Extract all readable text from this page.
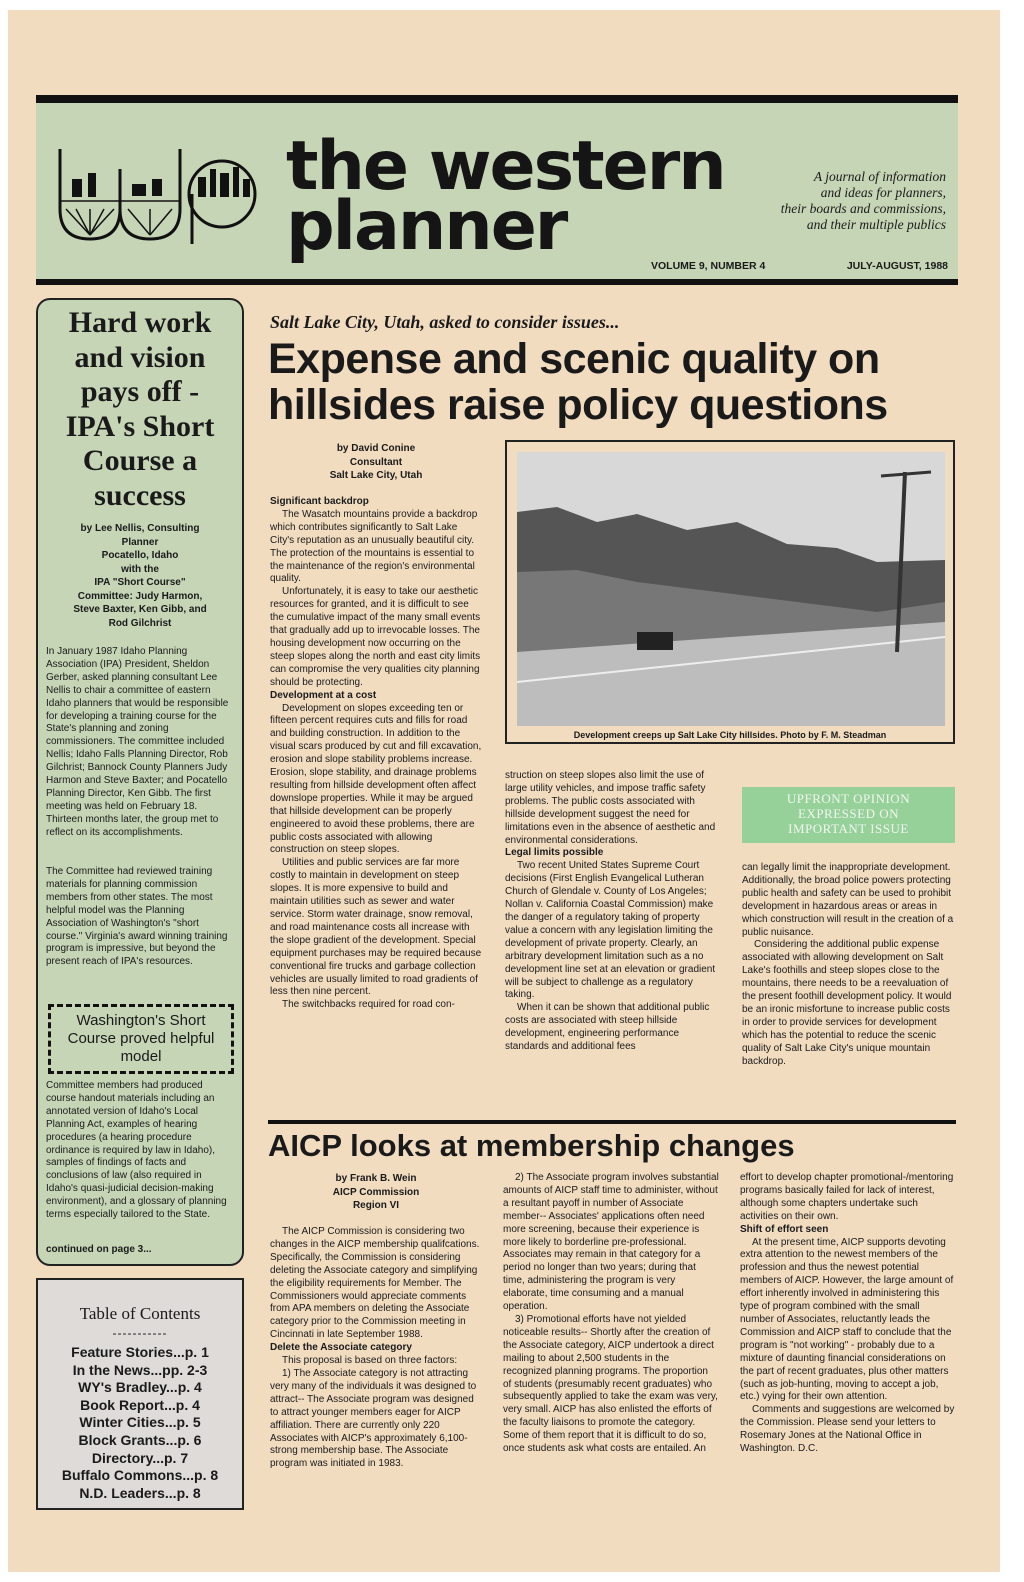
the western
planner
A journal of information
and ideas for planners,
their boards and commissions,
and their multiple publics
VOLUME 9, NUMBER 4	JULY-AUGUST, 1988
Hard work and vision pays off - IPA's Short Course a success
by Lee Nellis, Consulting
Planner
Pocatello, Idaho
with the
IPA "Short Course"
Committee: Judy Harmon,
Steve Baxter, Ken Gibb, and
Rod Gilchrist
In January 1987 Idaho Planning Association (IPA) President, Sheldon Gerber, asked planning consultant Lee Nellis to chair a committee of eastern Idaho planners that would be responsible for developing a training course for the State's planning and zoning commissioners. The committee included Nellis; Idaho Falls Planning Director, Rob Gilchrist; Bannock County Planners Judy Harmon and Steve Baxter; and Pocatello Planning Director, Ken Gibb. The first meeting was held on February 18. Thirteen months later, the group met to reflect on its accomplishments.
The Committee had reviewed training materials for planning commission members from other states. The most helpful model was the Planning Association of Washington's "short course." Virginia's award winning training program is impressive, but beyond the present reach of IPA's resources.
Washington's Short Course proved helpful model
Committee members had produced course handout materials including an annotated version of Idaho's Local Planning Act, examples of hearing procedures (a hearing procedure ordinance is required by law in Idaho), samples of findings of facts and conclusions of law (also required in Idaho's quasi-judicial decision-making environment), and a glossary of planning terms especially tailored to the State.
continued on page 3...
Table of Contents
-----------
Feature Stories...p. 1
In the News...pp. 2-3
WY's Bradley...p. 4
Book Report...p. 4
Winter Cities...p. 5
Block Grants...p. 6
Directory...p. 7
Buffalo Commons...p. 8
N.D. Leaders...p. 8
Salt Lake City, Utah, asked to consider issues...
Expense and scenic quality on hillsides raise policy questions
by David Conine
Consultant
Salt Lake City, Utah
Significant backdrop

The Wasatch mountains provide a backdrop which contributes significantly to Salt Lake City's reputation as an unusually beautiful city. The protection of the mountains is essential to the maintenance of the region's environmental quality.

Unfortunately, it is easy to take our aesthetic resources for granted, and it is difficult to see the cumulative impact of the many small events that gradually add up to irrevocable losses. The housing development now occurring on the steep slopes along the north and east city limits can compromise the very qualities city planning should be protecting.

Development at a cost

Development on slopes exceeding ten or fifteen percent requires cuts and fills for road and building construction. In addition to the visual scars produced by cut and fill excavation, erosion and slope stability problems increase. Erosion, slope stability, and drainage problems resulting from hillside development often affect downslope properties. While it may be argued that hillside development can be properly engineered to avoid these problems, there are public costs associated with allowing construction on steep slopes.

Utilities and public services are far more costly to maintain in development on steep slopes. It is more expensive to build and maintain utilities such as sewer and water service. Storm water drainage, snow removal, and road maintenance costs all increase with the slope gradient of the development. Special equipment purchases may be required because conventional fire trucks and garbage collection vehicles are usually limited to road gradients of less then nine percent.

The switchbacks required for road con-

Development creeps up Salt Lake City hillsides. Photo by F. M. Steadman

struction on steep slopes also limit the use of large utility vehicles, and impose traffic safety problems. The public costs associated with hillside development suggest the need for limitations even in the absence of aesthetic and environmental considerations.

Legal limits possible

Two recent United States Supreme Court decisions (First English Evangelical Lutheran Church of Glendale v. County of Los Angeles; Nollan v. California Coastal Commission) make the danger of a regulatory taking of property value a concern with any legislation limiting the development of private property. Clearly, an arbitrary development limitation such as a no development line set at an elevation or gradient will be subject to challenge as a regulatory taking.

When it can be shown that additional public costs are associated with steep hillside development, engineering performance standards and additional fees

UPFRONT OPINION
EXPRESSED ON
IMPORTANT ISSUE

can legally limit the inappropriate development. Additionally, the broad police powers protecting public health and safety can be used to prohibit development in hazardous areas or areas in which construction will result in the creation of a public nuisance.

Considering the additional public expense associated with allowing development on Salt Lake's foothills and steep slopes close to the mountains, there needs to be a reevaluation of the present foothill development policy. It would be an ironic misfortune to increase public costs in order to provide services for development which has the potential to reduce the scenic quality of Salt Lake City's unique mountain backdrop.

AICP looks at membership changes
by Frank B. Wein
AICP Commission
Region VI

The AICP Commission is considering two changes in the AICP membership qualifcations. Specifically, the Commission is considering deleting the Associate category and simplifying the eligibility requirements for Member. The Commissioners would appreciate comments from APA members on deleting the Associate category prior to the Commission meeting in Cincinnati in late September 1988.

Delete the Associate category

This proposal is based on three factors:

1) The Associate category is not attracting very many of the individuals it was designed to attract-- The Associate program was designed to attract younger members eager for AICP affiliation. There are currently only 220 Associates with AICP's approximately 6,100-strong membership base. The Associate program was initiated in 1983.

2) The Associate program involves substantial amounts of AICP staff time to administer, without a resultant payoff in number of Associate member-- Associates' applications often need more screening, because their experience is more likely to borderline pre-professional. Associates may remain in that category for a period no longer than two years; during that time, administering the program is very elaborate, time consuming and a manual operation.

3) Promotional efforts have not yielded noticeable results-- Shortly after the creation of the Associate category, AICP undertook a direct mailing to about 2,500 students in the recognized planning programs. The proportion of students (presumably recent graduates) who subsequently applied to take the exam was very, very small. AICP has also enlisted the efforts of the faculty liaisons to promote the category. Some of them report that it is difficult to do so, once students ask what costs are entailed. An

effort to develop chapter promotional-/mentoring programs basically failed for lack of interest, although some chapters undertake such activities on their own.

Shift of effort seen

At the present time, AICP supports devoting extra attention to the newest members of the profession and thus the newest potential members of AICP. However, the large amount of effort inherently involved in administering this type of program combined with the small number of Associates, reluctantly leads the Commission and AICP staff to conclude that the program is "not working" - probably due to a mixture of daunting financial considerations on the part of recent graduates, plus other matters (such as job-hunting, moving to accept a job, etc.) vying for their own attention.

Comments and suggestions are welcomed by the Commission. Please send your letters to Rosemary Jones at the National Office in Washington. D.C.
